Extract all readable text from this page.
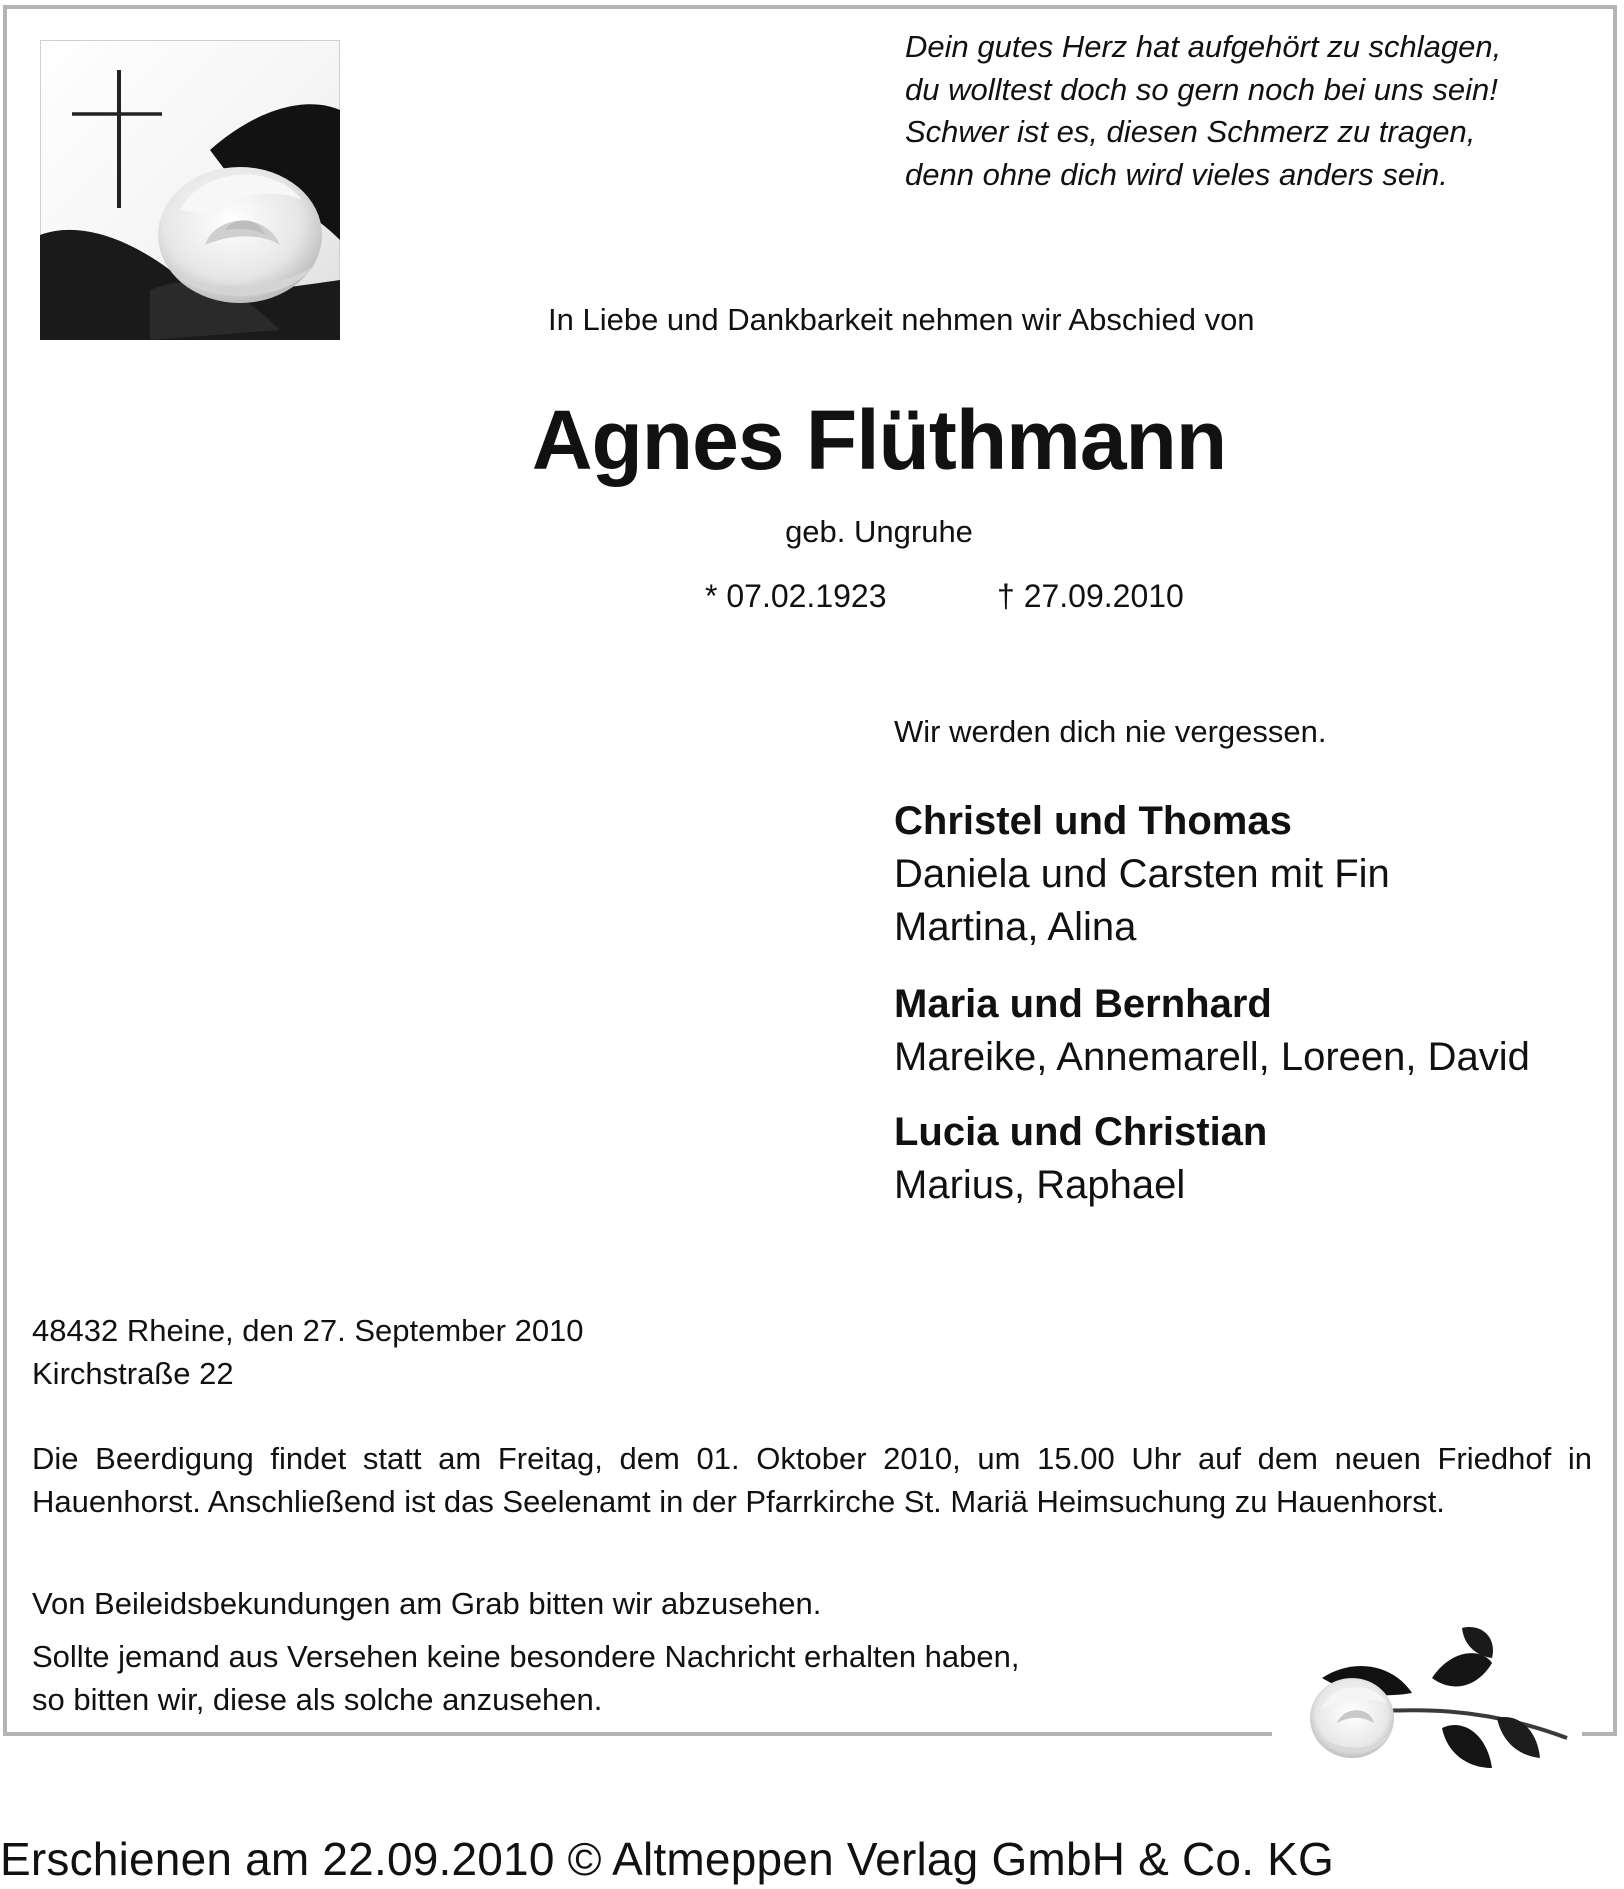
Dein gutes Herz hat aufgehört zu schlagen,
du wolltest doch so gern noch bei uns sein!
Schwer ist es, diesen Schmerz zu tragen,
denn ohne dich wird vieles anders sein.
In Liebe und Dankbarkeit nehmen wir Abschied von
Agnes Flüthmann
geb. Ungruhe
* 07.02.1923	† 27.09.2010
Wir werden dich nie vergessen.
Christel und Thomas
Daniela und Carsten mit Fin
Martina, Alina
Maria und Bernhard
Mareike, Annemarell, Loreen, David
Lucia und Christian
Marius, Raphael
48432 Rheine, den 27. September 2010
Kirchstraße 22
Die Beerdigung findet statt am Freitag, dem 01. Oktober 2010, um 15.00 Uhr auf dem neuen Friedhof in Hauenhorst. Anschließend ist das Seelenamt in der Pfarrkirche St. Mariä Heimsuchung zu Hauenhorst.
Von Beileidsbekundungen am Grab bitten wir abzusehen.
Sollte jemand aus Versehen keine besondere Nachricht erhalten haben,
so bitten wir, diese als solche anzusehen.
Erschienen am 22.09.2010 © Altmeppen Verlag GmbH & Co. KG
